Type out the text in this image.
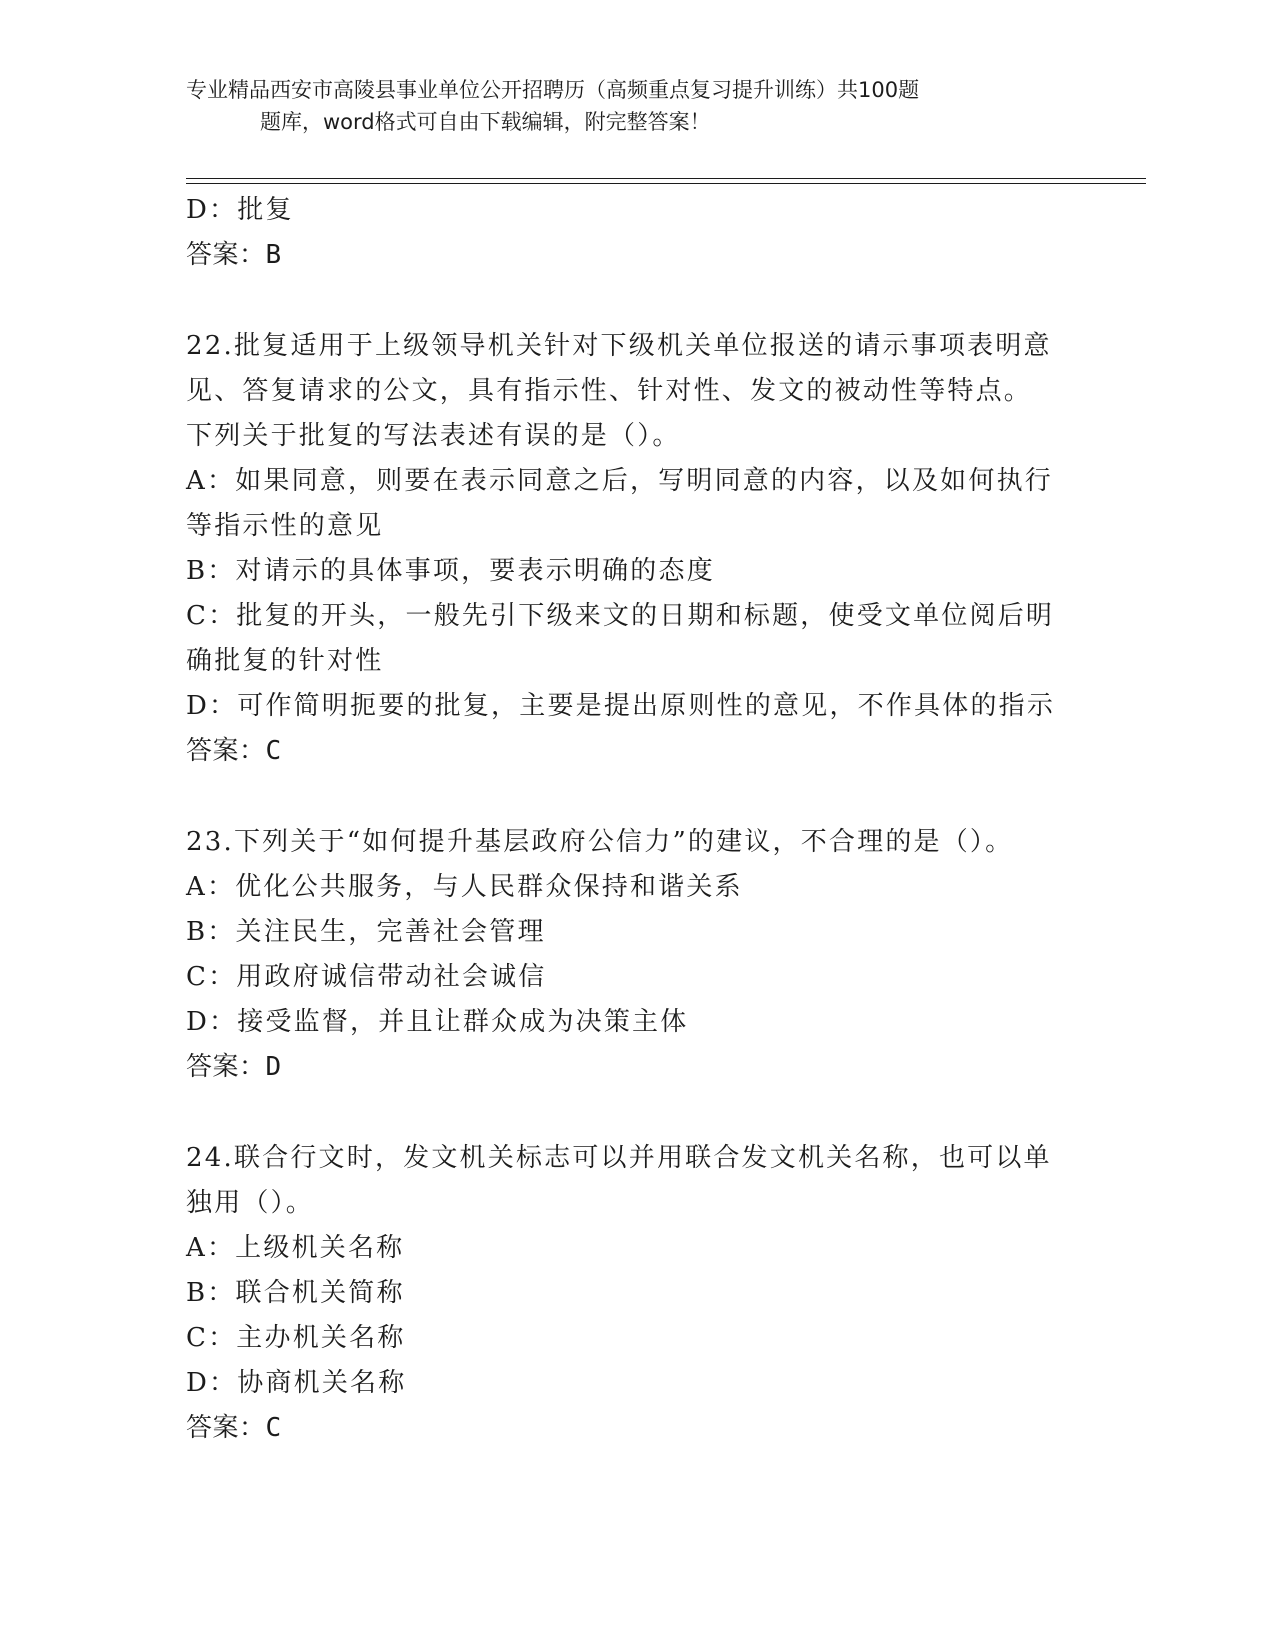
专业精品西安市高陵县事业单位公开招聘历（高频重点复习提升训练）共100题
题库，word格式可自由下载编辑，附完整答案！
D：批复
答案：B
22.批复适用于上级领导机关针对下级机关单位报送的请示事项表明意
见、答复请求的公文，具有指示性、针对性、发文的被动性等特点。
下列关于批复的写法表述有误的是（）。
A：如果同意，则要在表示同意之后，写明同意的内容，以及如何执行
等指示性的意见
B：对请示的具体事项，要表示明确的态度
C：批复的开头，一般先引下级来文的日期和标题，使受文单位阅后明
确批复的针对性
D：可作简明扼要的批复，主要是提出原则性的意见，不作具体的指示
答案：C
23.下列关于“如何提升基层政府公信力”的建议，不合理的是（）。
A：优化公共服务，与人民群众保持和谐关系
B：关注民生，完善社会管理
C：用政府诚信带动社会诚信
D：接受监督，并且让群众成为决策主体
答案：D
24.联合行文时，发文机关标志可以并用联合发文机关名称，也可以单
独用（）。
A：上级机关名称
B：联合机关简称
C：主办机关名称
D：协商机关名称
答案：C
